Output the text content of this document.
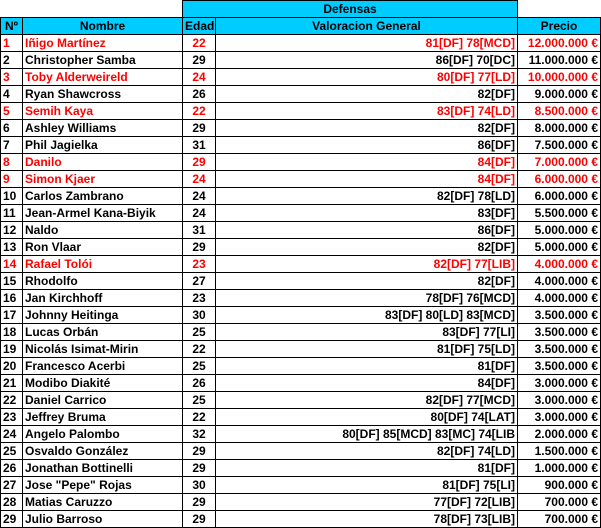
		Defensas		
Nº	Nombre	Edad	Valoracion General	Precio
1	Iñigo Martínez	22	81[DF] 78[MCD]	12.000.000 €
2	Christopher Samba	29	86[DF] 70[DC]	11.000.000 €
3	Toby Alderweireld	24	80[DF] 77[LD]	10.000.000 €
4	Ryan Shawcross	26	82[DF]	9.000.000 €
5	Semih Kaya	22	83[DF] 74[LD]	8.500.000 €
6	Ashley Williams	29	82[DF]	8.000.000 €
7	Phil Jagielka	31	86[DF]	7.500.000 €
8	Danilo	29	84[DF]	7.000.000 €
9	Simon Kjaer	24	84[DF]	6.000.000 €
10	Carlos Zambrano	24	82[DF] 78[LD]	6.000.000 €
11	Jean-Armel Kana-Biyik	24	83[DF]	5.500.000 €
12	Naldo	31	86[DF]	5.000.000 €
13	Ron Vlaar	29	82[DF]	5.000.000 €
14	Rafael Tolói	23	82[DF] 77[LIB]	4.000.000 €
15	Rhodolfo	27	82[DF]	4.000.000 €
16	Jan Kirchhoff	23	78[DF] 76[MCD]	4.000.000 €
17	Johnny Heitinga	30	83[DF] 80[LD] 83[MCD]	3.500.000 €
18	Lucas Orbán	25	83[DF] 77[LI]	3.500.000 €
19	Nicolás Isimat-Mirin	22	81[DF] 75[LD]	3.500.000 €
20	Francesco Acerbi	25	81[DF]	3.500.000 €
21	Modibo Diakité	26	84[DF]	3.000.000 €
22	Daniel Carrico	25	82[DF] 77[MCD]	3.000.000 €
23	Jeffrey Bruma	22	80[DF] 74[LAT]	3.000.000 €
24	Angelo Palombo	32	80[DF] 85[MCD] 83[MC] 74[LIB	2.000.000 €
25	Osvaldo González	29	82[DF] 74[LD]	1.500.000 €
26	Jonathan Bottinelli	29	81[DF]	1.000.000 €
27	Jose "Pepe" Rojas	30	81[DF] 75[LI]	900.000 €
28	Matias Caruzzo	29	77[DF] 72[LIB]	700.000 €
29	Julio Barroso	29	78[DF] 73[LIB]	700.000 €
